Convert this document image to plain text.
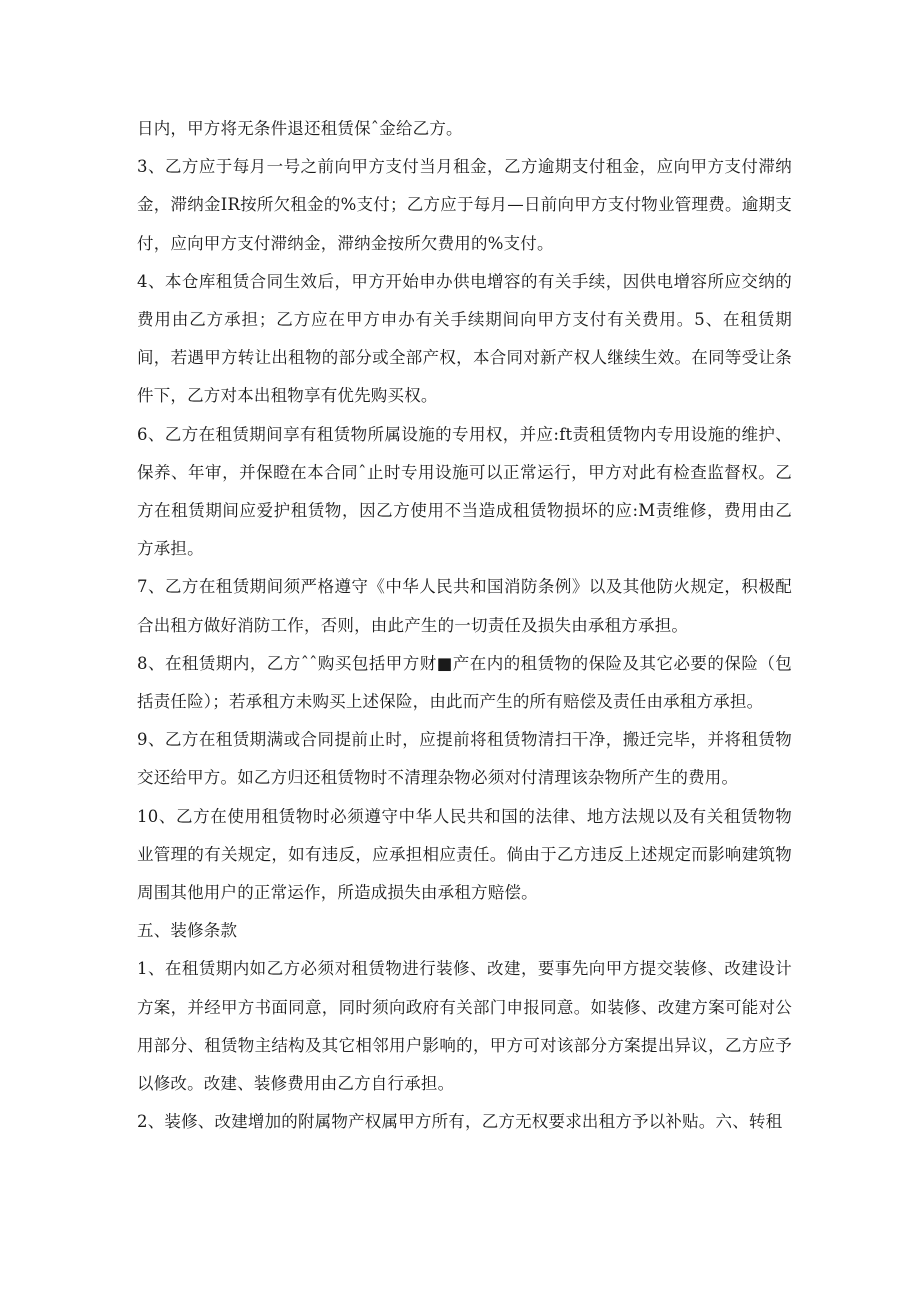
日内，甲方将无条件退还租赁保ˆ金给乙方。

3、乙方应于每月一号之前向甲方支付当月租金，乙方逾期支付租金，应向甲方支付滞纳金，滞纳金IR按所欠租金的%支付；乙方应于每月—日前向甲方支付物业管理费。逾期支付，应向甲方支付滞纳金，滞纳金按所欠费用的%支付。

4、本仓库租赁合同生效后，甲方开始申办供电增容的有关手续，因供电增容所应交纳的费用由乙方承担；乙方应在甲方申办有关手续期间向甲方支付有关费用。5、在租赁期间，若遇甲方转让出租物的部分或全部产权，本合同对新产权人继续生效。在同等受让条件下，乙方对本出租物享有优先购买权。

6、乙方在租赁期间享有租赁物所属设施的专用权，并应:ft责租赁物内专用设施的维护、保养、年审，并保瞪在本合同ˆ止时专用设施可以正常运行，甲方对此有检查监督权。乙方在租赁期间应爱护租赁物，因乙方使用不当造成租赁物损坏的应:M责维修，费用由乙方承担。

7、乙方在租赁期间须严格遵守《中华人民共和国消防条例》以及其他防火规定，积极配合出租方做好消防工作，否则，由此产生的一切责任及损失由承租方承担。

8、在租赁期内，乙方ˆˆ购买包括甲方财■产在内的租赁物的保险及其它必要的保险（包括责任险）；若承租方未购买上述保险，由此而产生的所有赔偿及责任由承租方承担。

9、乙方在租赁期满或合同提前止时，应提前将租赁物清扫干净，搬迁完毕，并将租赁物交还给甲方。如乙方归还租赁物时不清理杂物必须对付清理该杂物所产生的费用。

10、乙方在使用租赁物时必须遵守中华人民共和国的法律、地方法规以及有关租赁物物业管理的有关规定，如有违反，应承担相应责任。倘由于乙方违反上述规定而影响建筑物周围其他用户的正常运作，所造成损失由承租方赔偿。

五、装修条款

1、在租赁期内如乙方必须对租赁物进行装修、改建，要事先向甲方提交装修、改建设计方案，并经甲方书面同意，同时须向政府有关部门申报同意。如装修、改建方案可能对公用部分、租赁物主结构及其它相邻用户影响的，甲方可对该部分方案提出异议，乙方应予以修改。改建、装修费用由乙方自行承担。

2、装修、改建增加的附属物产权属甲方所有，乙方无权要求出租方予以补贴。六、转租
